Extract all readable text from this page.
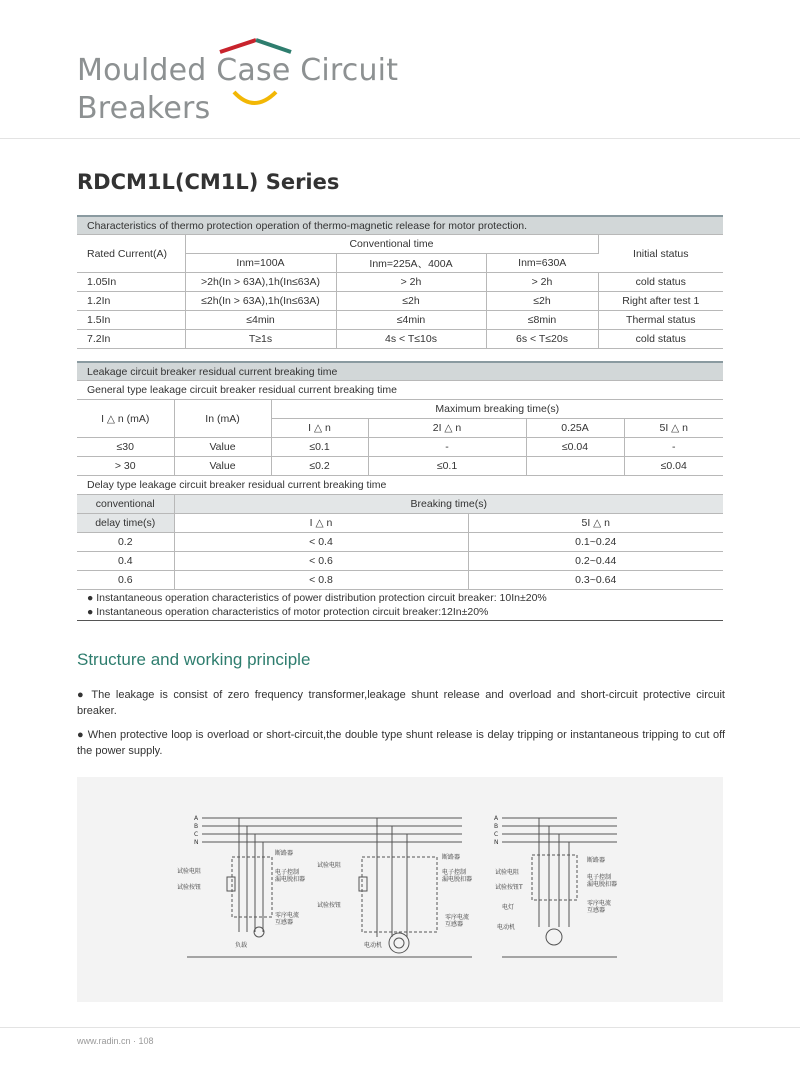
Moulded Case Circuit
Breakers
RDCM1L(CM1L) Series
Characteristics of thermo protection operation of thermo-magnetic release for motor protection.				
Rated Current(A)	Conventional time			Initial status
	Inm=100A	Inm=225A、400A	Inm=630A	
1.05In	>2h(In > 63A),1h(In≤63A)	> 2h	> 2h	cold status
1.2In	≤2h(In > 63A),1h(In≤63A)	≤2h	≤2h	Right after test 1
1.5In	≤4min	≤4min	≤8min	Thermal status
7.2In	T≥1s	4s < T≤10s	6s < T≤20s	cold status
Leakage circuit breaker residual current breaking time					
General type leakage circuit breaker residual current breaking time					
I △ n (mA)	In (mA)	Maximum breaking time(s)			
		I △ n	2I △ n	0.25A	5I △ n
≤30	Value	≤0.1	-	≤0.04	-
> 30	Value	≤0.2	≤0.1		≤0.04
Delay type leakage circuit breaker residual current breaking time		
conventional	Breaking time(s)	
delay time(s)	I △ n	5I △ n
0.2	< 0.4	0.1~0.24
0.4	< 0.6	0.2~0.44
0.6	< 0.8	0.3~0.64
● Instantaneous operation characteristics of power distribution protection circuit breaker: 10In±20%
● Instantaneous operation characteristics of motor protection circuit breaker:12In±20%
Structure and working principle
● The leakage is consist of zero frequency transformer,leakage shunt release and overload and short-circuit protective circuit breaker.
● When protective loop is overload or short-circuit,the double type shunt release is delay tripping or instantaneous tripping to cut off the power supply.
A
B
C
N
A
B
C
N
断路器
试验电阻
试验按钮
电子控制
漏电脱扣器
零序电流
互感器
负载
断路器
试验电阻
试验按钮
电子控制
漏电脱扣器
零序电流
互感器
电动机
断路器
试验电阻
试验按钮T
电子控制
漏电脱扣器
零序电流
互感器
电灯
电动机
www.radin.cn · 108
